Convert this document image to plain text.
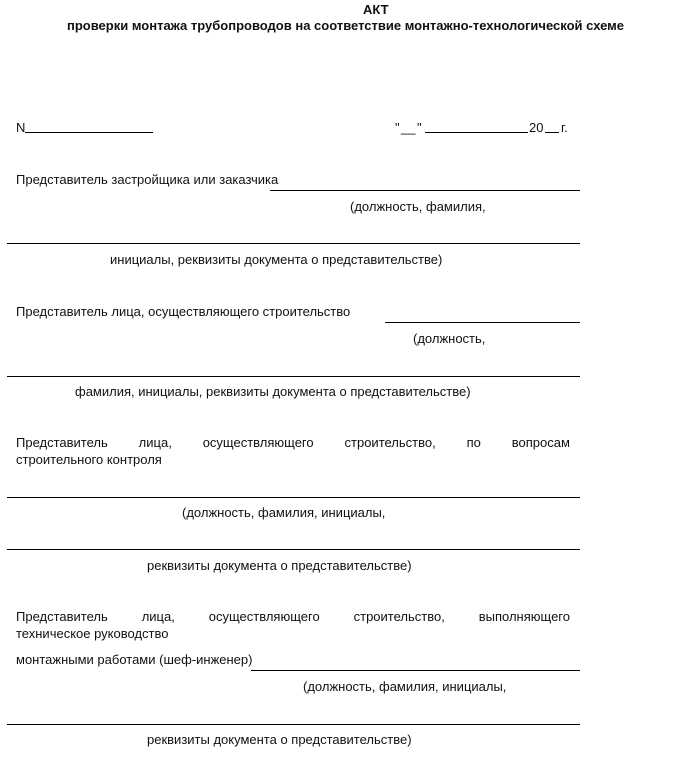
АКТ
проверки монтажа трубопроводов на соответствие монтажно-технологической схеме
N	" __ "	20 г.
Представитель застройщика или заказчика
(должность, фамилия,
инициалы, реквизиты документа о представительстве)
Представитель лица, осуществляющего строительство
(должность,
фамилия, инициалы, реквизиты документа о представительстве)
Представитель лица, осуществляющего строительство, по вопросам
строительного контроля
(должность, фамилия, инициалы,
реквизиты документа о представительстве)
Представитель	лица,	осуществляющего	строительство,	выполняющего
техническое руководство
монтажными работами (шеф-инженер)
(должность, фамилия, инициалы,
реквизиты документа о представительстве)
